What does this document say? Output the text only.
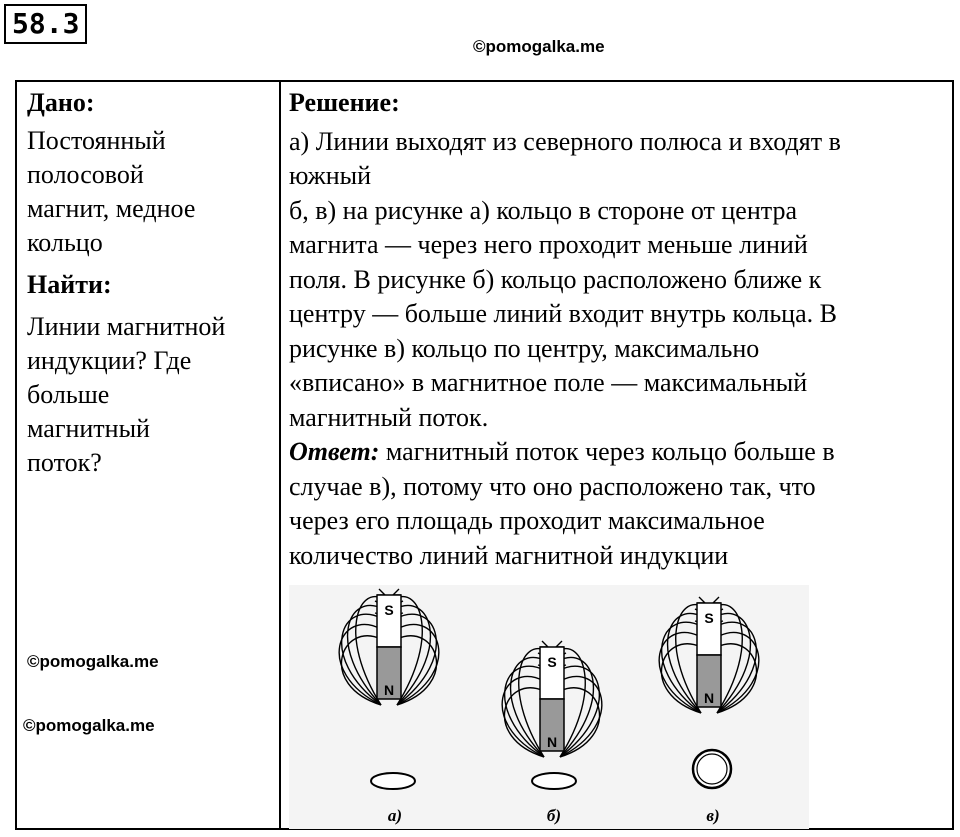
58.3
©pomogalka.me

Дано:

Постоянный
полосовой
магнит, медное
кольцо

Найти:

Линии магнитной
индукции? Где
больше
магнитный
поток?

Решение:

а) Линии выходят из северного полюса и входят в
южный
б, в) на рисунке а) кольцо в стороне от центра
магнита — через него проходит меньше линий
поля. В рисунке б) кольцо расположено ближе к
центру — больше линий входит внутрь кольца. В
рисунке в) кольцо по центру, максимально
«вписано» в магнитное поле — максимальный
магнитный поток.
Ответ: магнитный поток через кольцо больше в
случае в), потому что оно расположено так, что
через его площадь проходит максимальное
количество линий магнитной индукции

S
N
а)
S
N
б)
S
N
в)
©pomogalka.me
©pomogalka.me
